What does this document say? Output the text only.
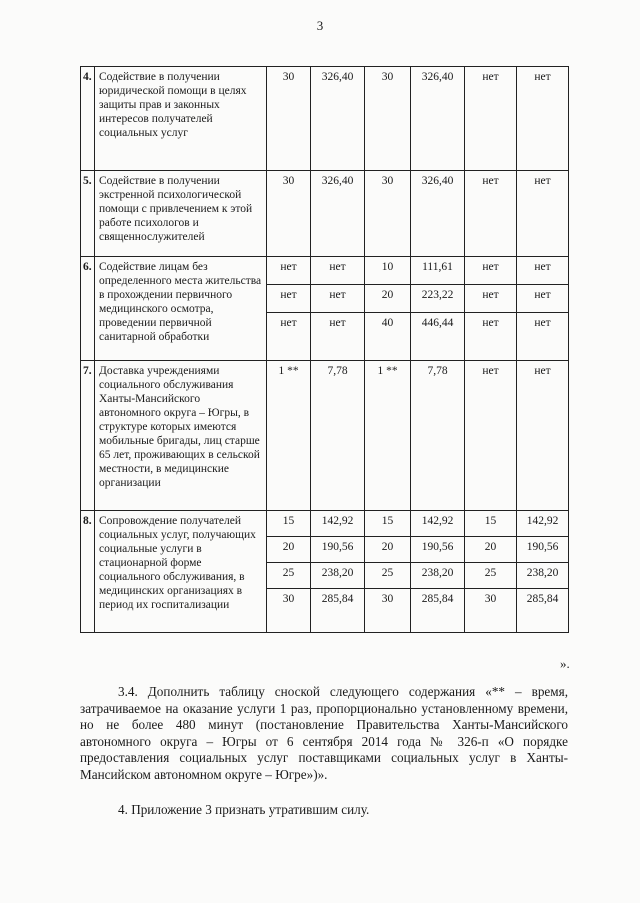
3
4.	Содействие в получении юридической помощи в целях защиты прав и законных интересов получателей социальных услуг	30	326,40	30	326,40	нет	нет
5.	Содействие в получении экстренной психологической помощи с привлечением к этой работе психологов и священнослужителей	30	326,40	30	326,40	нет	нет
6.	Содействие лицам без определенного места жительства в прохождении первичного медицинского осмотра, проведении первичной санитарной обработки	нет	нет	10	111,61	нет	нет
		нет	нет	20	223,22	нет	нет
		нет	нет	40	446,44	нет	нет
7.	Доставка учреждениями социального обслуживания Ханты-Мансийского автономного округа – Югры, в структуре которых имеются мобильные бригады, лиц старше 65 лет, проживающих в сельской местности, в медицинские организации	1 **	7,78	1 **	7,78	нет	нет
8.	Сопровождение получателей социальных услуг, получающих социальные услуги в стационарной форме социального обслуживания, в медицинских организациях в период их госпитализации	15	142,92	15	142,92	15	142,92
		20	190,56	20	190,56	20	190,56
		25	238,20	25	238,20	25	238,20
		30	285,84	30	285,84	30	285,84
».
3.4. Дополнить таблицу сноской следующего содержания «** – время, затрачиваемое на оказание услуги 1 раз, пропорционально установленному времени, но не более 480 минут (постановление Правительства Ханты-Мансийского автономного округа – Югры от 6 сентября 2014 года № 326-п «О порядке предоставления социальных услуг поставщиками социальных услуг в Ханты-Мансийском автономном округе – Югре»)».
4. Приложение 3 признать утратившим силу.
